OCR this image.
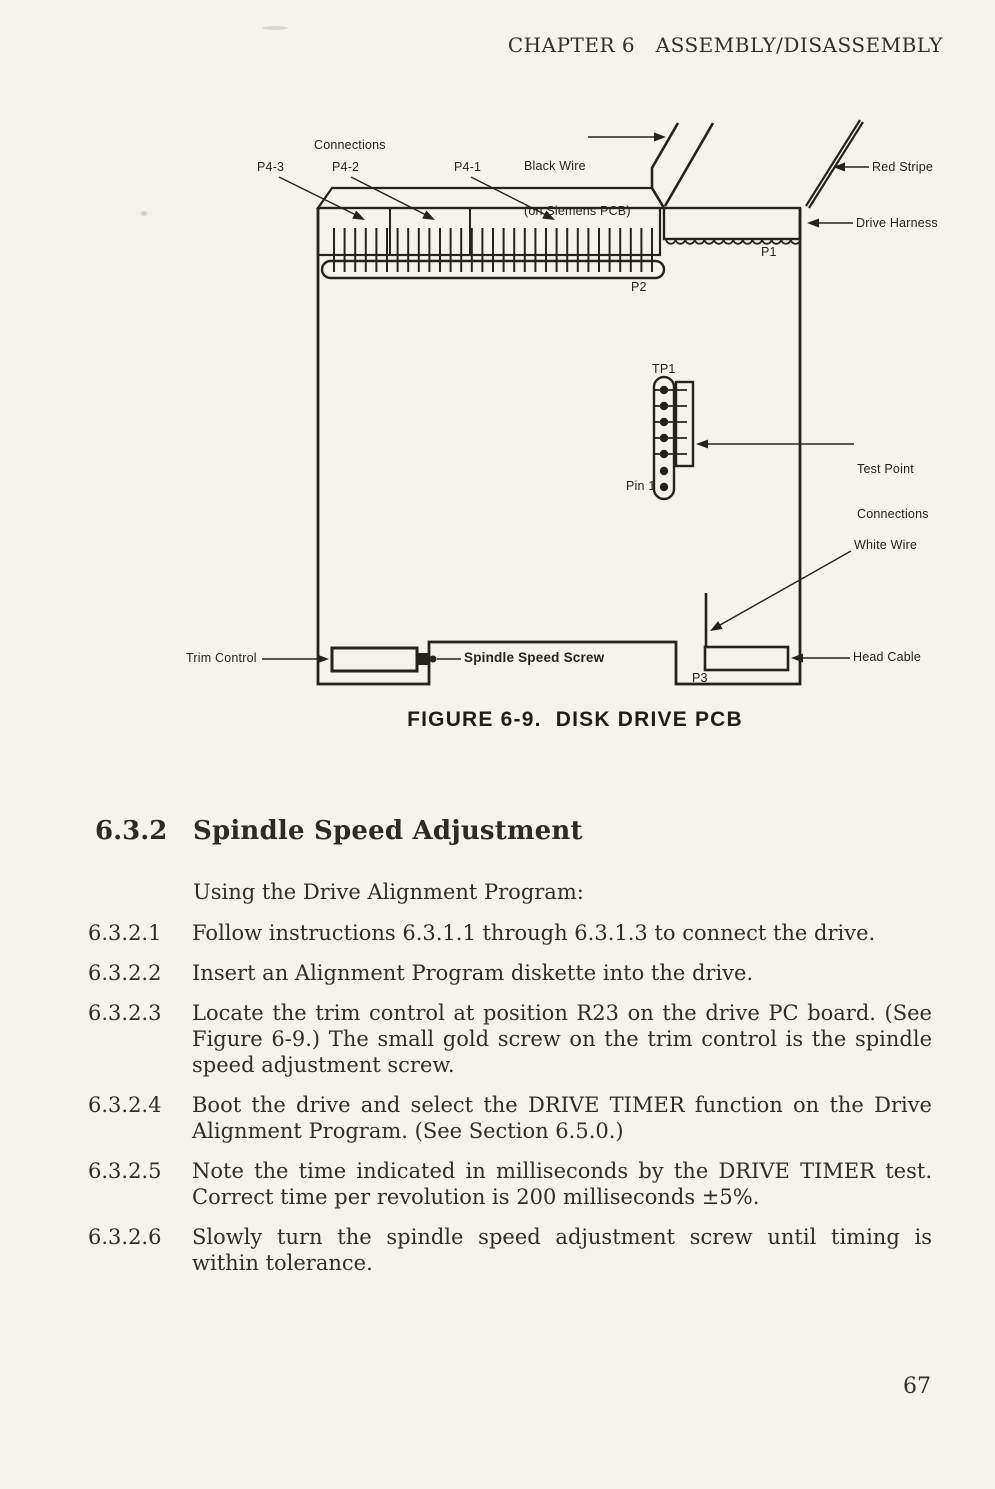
CHAPTER 6   ASSEMBLY/DISASSEMBLY
Connections
P4-3	P4-2	P4-1

	Black Wire

(on Siemens PCB)

Red Stripe
Drive Harness
P1
P2
TP1
Pin 1

Test Point

Connections

White Wire
Head Cable
P3
Trim Control	Spindle Speed Screw
FIGURE 6-9.  DISK DRIVE PCB
6.3.2 Spindle Speed Adjustment
Using the Drive Alignment Program:
6.3.2.1	Follow instructions 6.3.1.1 through 6.3.1.3 to connect the drive.
6.3.2.2	Insert an Alignment Program diskette into the drive.
6.3.2.3	Locate the trim control at position R23 on the drive PC board. (See Figure 6-9.) The small gold screw on the trim control is the spindle speed adjustment screw.
6.3.2.4	Boot the drive and select the DRIVE TIMER function on the Drive Alignment Program. (See Section 6.5.0.)
6.3.2.5	Note the time indicated in milliseconds by the DRIVE TIMER test. Correct time per revolution is 200 milliseconds ±5%.
6.3.2.6	Slowly turn the spindle speed adjustment screw until timing is within tolerance.
67
